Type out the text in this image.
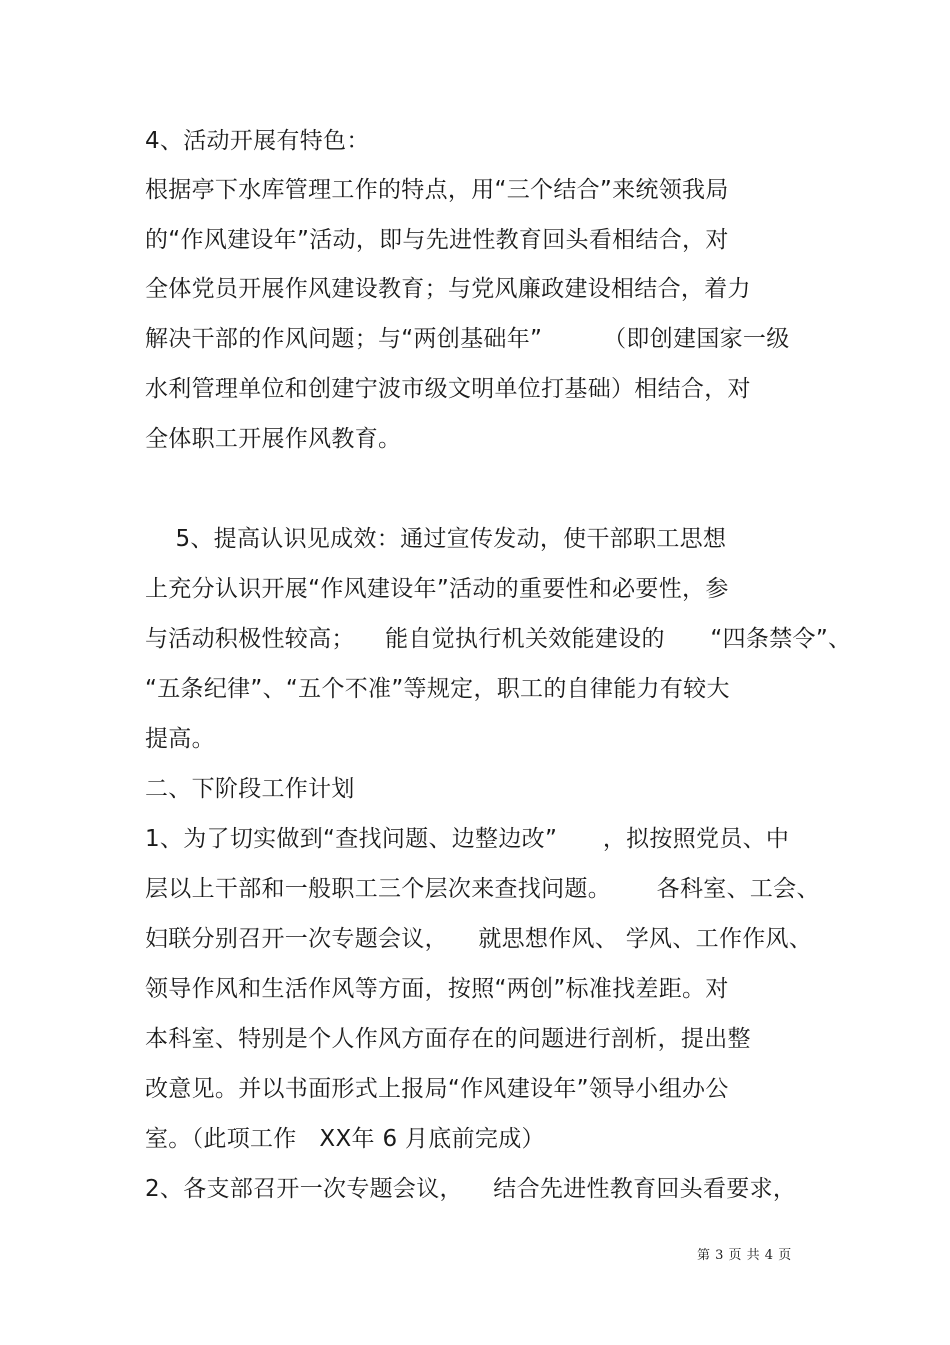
4、活动开展有特色：
根据亭下水库管理工作的特点，用“三个结合”来统领我局
的“作风建设年”活动，即与先进性教育回头看相结合，对
全体党员开展作风建设教育；与党风廉政建设相结合，着力
解决干部的作风问题；与“两创基础年”        （即创建国家一级
水利管理单位和创建宁波市级文明单位打基础）相结合，对
全体职工开展作风教育。
5、提高认识见成效：通过宣传发动，使干部职工思想
上充分认识开展“作风建设年”活动的重要性和必要性，参
与活动积极性较高；    能自觉执行机关效能建设的      “四条禁令”、
“五条纪律”、“五个不准”等规定，职工的自律能力有较大
提高。
二、下阶段工作计划
1、为了切实做到“查找问题、边整边改”      ，拟按照党员、中
层以上干部和一般职工三个层次来查找问题。      各科室、工会、
妇联分别召开一次专题会议，    就思想作风、 学风、工作作风、
领导作风和生活作风等方面，按照“两创”标准找差距。对
本科室、特别是个人作风方面存在的问题进行剖析，提出整
改意见。并以书面形式上报局“作风建设年”领导小组办公
室。（此项工作   XX年 6 月底前完成）
2、各支部召开一次专题会议，    结合先进性教育回头看要求，
第 3 页 共 4 页
